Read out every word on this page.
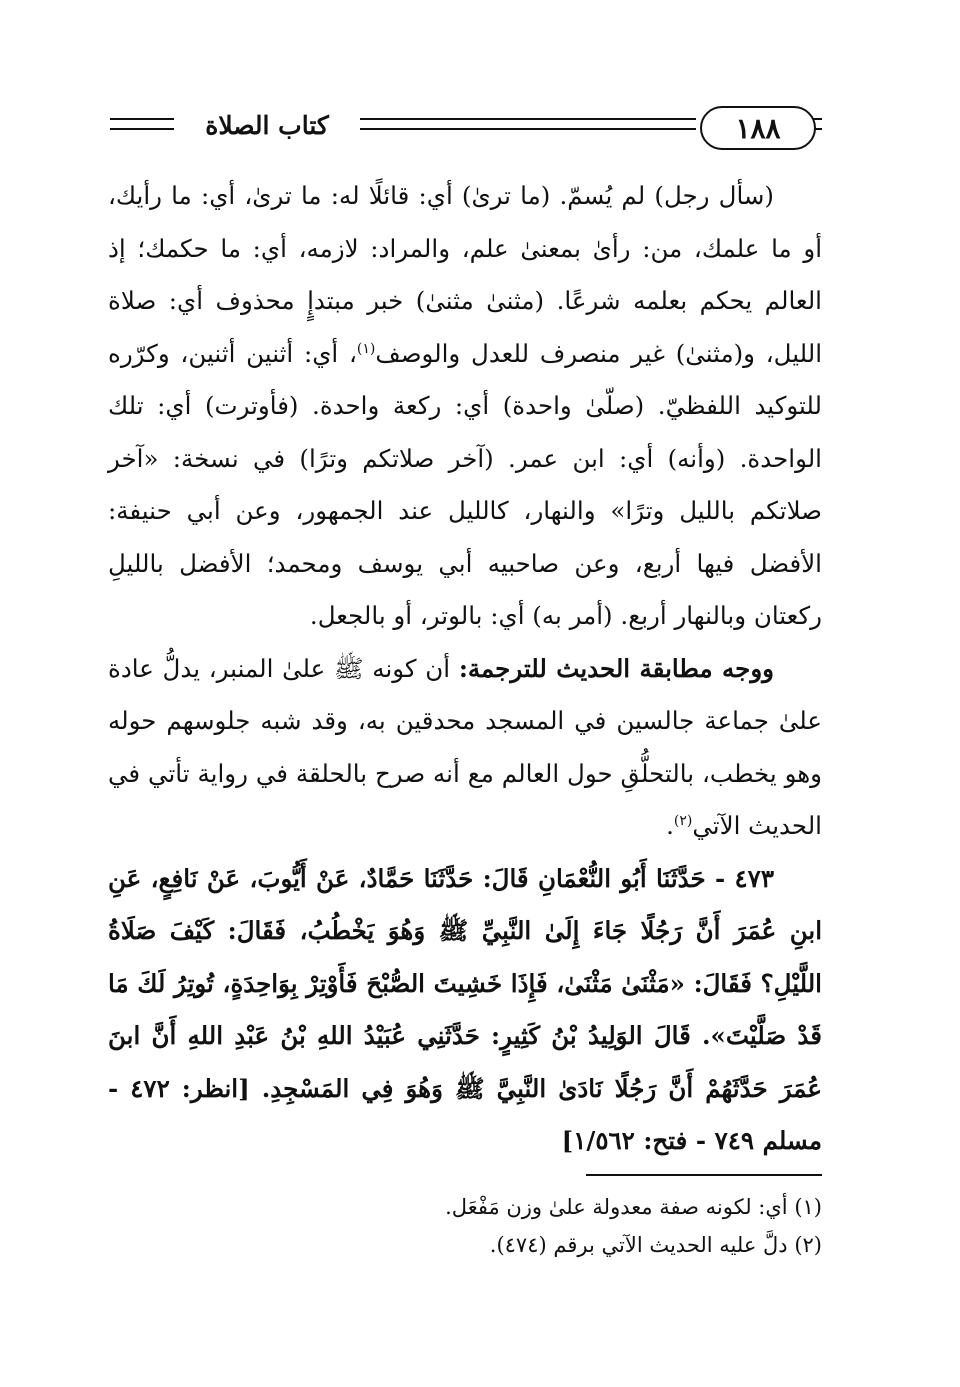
كتاب الصلاة	١٨٨

(سأل رجل) لم يُسمّ. (ما ترىٰ) أي: قائلًا له: ما ترىٰ، أي: ما رأيك، أو ما علمك، من: رأىٰ بمعنىٰ علم، والمراد: لازمه، أي: ما حكمك؛ إذ العالم يحكم بعلمه شرعًا. (مثنىٰ مثنىٰ) خبر مبتدإٍ محذوف أي: صلاة الليل، و(مثنىٰ) غير منصرف للعدل والوصف$^{(١)}$، أي: أثنين أثنين، وكرّره للتوكيد اللفظيّ. (صلّىٰ واحدة) أي: ركعة واحدة. (فأوترت) أي: تلك الواحدة. (وأنه) أي: ابن عمر. (آخر صلاتكم وترًا) في نسخة: «آخر صلاتكم بالليل وترًا» والنهار، كالليل عند الجمهور، وعن أبي حنيفة: الأفضل فيها أربع، وعن صاحبيه أبي يوسف ومحمد؛ الأفضل بالليلِ ركعتان وبالنهار أربع. (أمر به) أي: بالوتر، أو بالجعل.

ووجه مطابقة الحديث للترجمة: أن كونه ﷺ علىٰ المنبر، يدلُّ عادة علىٰ جماعة جالسين في المسجد محدقين به، وقد شبه جلوسهم حوله وهو يخطب، بالتحلُّقِ حول العالم مع أنه صرح بالحلقة في رواية تأتي في الحديث الآتي$^{(٢)}$.

٤٧٣ - حَدَّثَنَا أَبُو النُّعْمَانِ قَالَ: حَدَّثَنَا حَمَّادٌ، عَنْ أَيُّوبَ، عَنْ نَافِعٍ، عَنِ ابنِ عُمَرَ أَنَّ رَجُلًا جَاءَ إِلَىٰ النَّبِيِّ ﷺ وَهُوَ يَخْطُبُ، فَقَالَ: كَيْفَ صَلَاةُ اللَّيْلِ؟ فَقَالَ: «مَثْنَىٰ مَثْنَىٰ، فَإِذَا خَشِيتَ الصُّبْحَ فَأَوْتِرْ بِوَاحِدَةٍ، تُوتِرُ لَكَ مَا قَدْ صَلَّيْتَ». قَالَ الوَلِيدُ بْنُ كَثِيرٍ: حَدَّثَنِي عُبَيْدُ اللهِ بْنُ عَبْدِ اللهِ أَنَّ ابنَ عُمَرَ حَدَّثَهُمْ أَنَّ رَجُلًا نَادَىٰ النَّبِيَّ ﷺ وَهُوَ فِي المَسْجِدِ. [انظر: ٤٧٢ - مسلم ٧٤٩ - فتح: ١/٥٦٢]

(١) أي: لكونه صفة معدولة علىٰ وزن مَفْعَل.

(٢) دلَّ عليه الحديث الآتي برقم (٤٧٤).
